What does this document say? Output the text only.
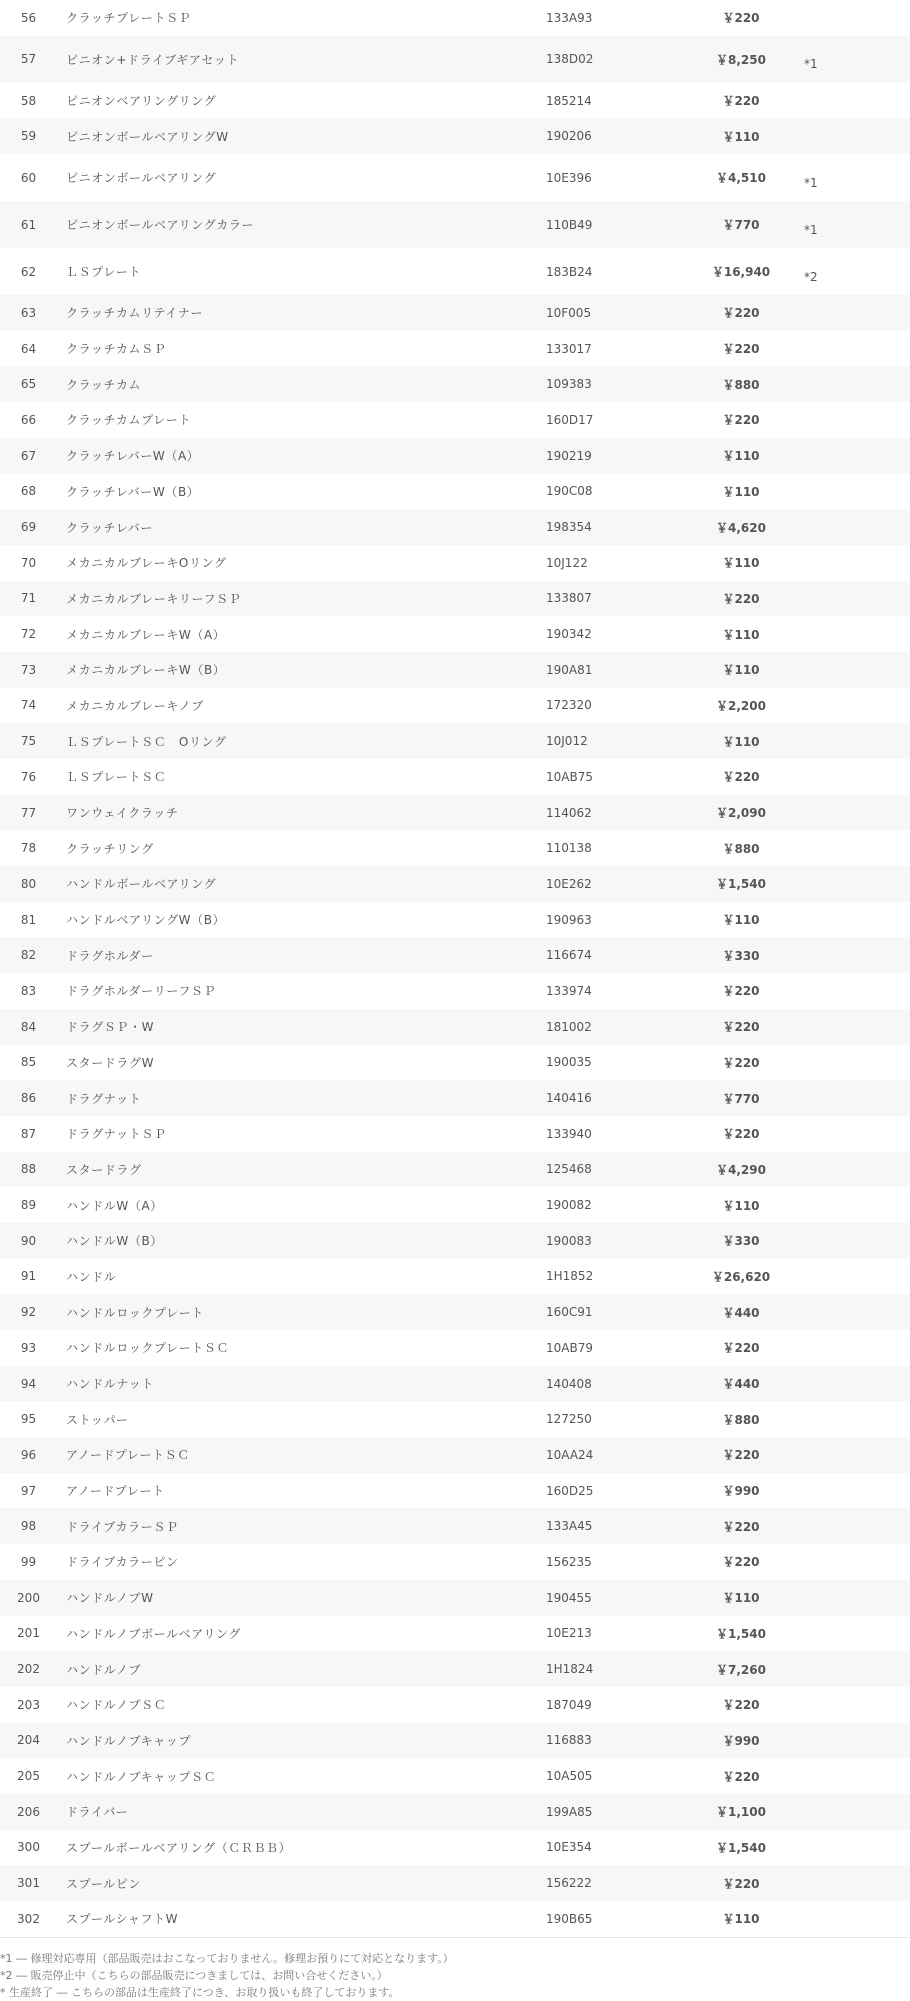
56	クラッチプレートＳＰ	133A93	￥220	
57	ピニオン+ドライブギアセット	138D02	￥8,250	*1
58	ピニオンベアリングリング	185214	￥220	
59	ピニオンボールベアリングW	190206	￥110	
60	ピニオンボールベアリング	10E396	￥4,510	*1
61	ピニオンボールベアリングカラー	110B49	￥770	*1
62	ＬＳプレート	183B24	￥16,940	*2
63	クラッチカムリテイナー	10F005	￥220	
64	クラッチカムＳＰ	133017	￥220	
65	クラッチカム	109383	￥880	
66	クラッチカムプレート	160D17	￥220	
67	クラッチレバーW（A）	190219	￥110	
68	クラッチレバーW（B）	190C08	￥110	
69	クラッチレバー	198354	￥4,620	
70	メカニカルブレーキOリング	10J122	￥110	
71	メカニカルブレーキリーフＳＰ	133807	￥220	
72	メカニカルブレーキW（A）	190342	￥110	
73	メカニカルブレーキW（B）	190A81	￥110	
74	メカニカルブレーキノブ	172320	￥2,200	
75	ＬＳプレートＳＣ　Oリング	10J012	￥110	
76	ＬＳプレートＳＣ	10AB75	￥220	
77	ワンウェイクラッチ	114062	￥2,090	
78	クラッチリング	110138	￥880	
80	ハンドルボールベアリング	10E262	￥1,540	
81	ハンドルベアリングW（B）	190963	￥110	
82	ドラグホルダー	116674	￥330	
83	ドラグホルダーリーフＳＰ	133974	￥220	
84	ドラグＳＰ・W	181002	￥220	
85	スタードラグW	190035	￥220	
86	ドラグナット	140416	￥770	
87	ドラグナットＳＰ	133940	￥220	
88	スタードラグ	125468	￥4,290	
89	ハンドルW（A）	190082	￥110	
90	ハンドルW（B）	190083	￥330	
91	ハンドル	1H1852	￥26,620	
92	ハンドルロックプレート	160C91	￥440	
93	ハンドルロックプレートＳＣ	10AB79	￥220	
94	ハンドルナット	140408	￥440	
95	ストッパー	127250	￥880	
96	アノードプレートＳＣ	10AA24	￥220	
97	アノードプレート	160D25	￥990	
98	ドライブカラーＳＰ	133A45	￥220	
99	ドライブカラーピン	156235	￥220	
200	ハンドルノブW	190455	￥110	
201	ハンドルノブボールベアリング	10E213	￥1,540	
202	ハンドルノブ	1H1824	￥7,260	
203	ハンドルノブＳＣ	187049	￥220	
204	ハンドルノブキャップ	116883	￥990	
205	ハンドルノブキャップＳＣ	10A505	￥220	
206	ドライバー	199A85	￥1,100	
300	スプールボールベアリング（ＣＲＢＢ）	10E354	￥1,540	
301	スプールピン	156222	￥220	
302	スプールシャフトW	190B65	￥110	
*1 ― 修理対応専用（部品販売はおこなっておりません。修理お預りにて対応となります。）
*2 ― 販売停止中（こちらの部品販売につきましては、お問い合せください。）
* 生産終了 ― こちらの部品は生産終了につき、お取り扱いも終了しております。
